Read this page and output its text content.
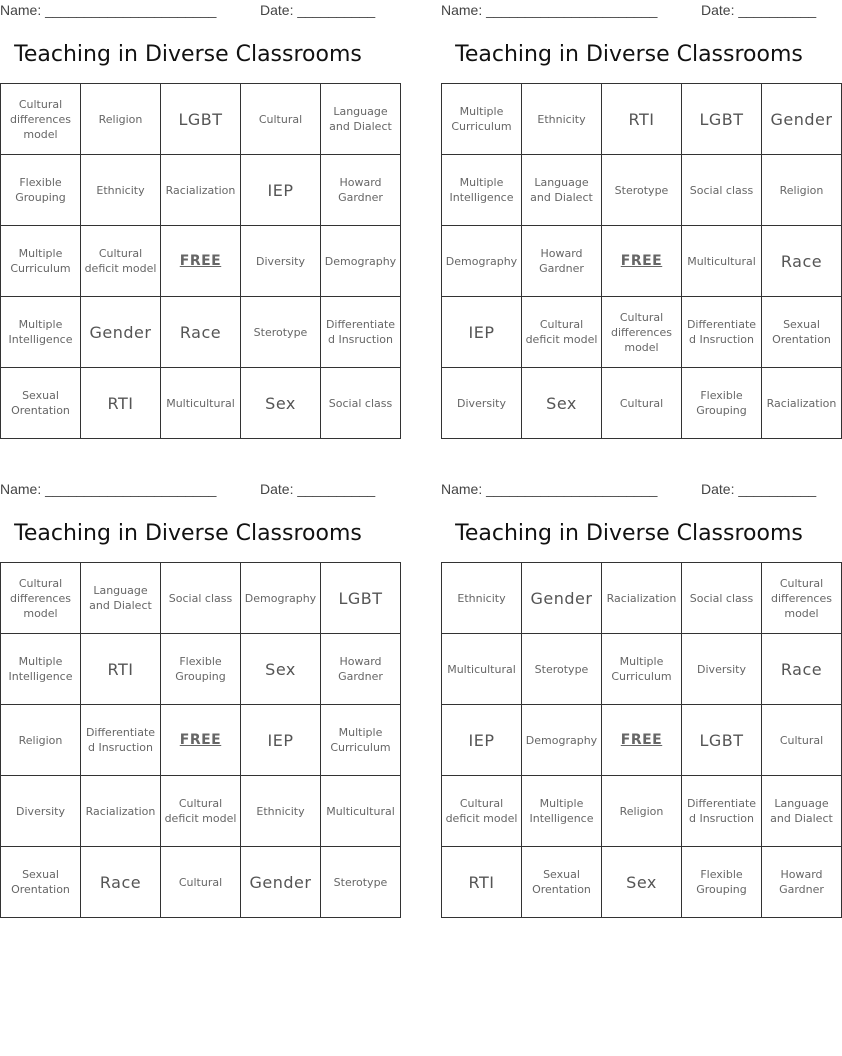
Name: ______________________	Date: __________
Teaching in Diverse Classrooms
Cultural differences model	Religion	LGBT	Cultural	Language and Dialect
Flexible Grouping	Ethnicity	Racialization	IEP	Howard Gardner
Multiple Curriculum	Cultural deficit model	FREE	Diversity	Demography
Multiple Intelligence	Gender	Race	Sterotype	Differentiated Insruction
Sexual Orentation	RTI	Multicultural	Sex	Social class
Name: ______________________	Date: __________
Teaching in Diverse Classrooms
Multiple Curriculum	Ethnicity	RTI	LGBT	Gender
Multiple Intelligence	Language and Dialect	Sterotype	Social class	Religion
Demography	Howard Gardner	FREE	Multicultural	Race
IEP	Cultural deficit model	Cultural differences model	Differentiated Insruction	Sexual Orentation
Diversity	Sex	Cultural	Flexible Grouping	Racialization
Name: ______________________	Date: __________
Teaching in Diverse Classrooms
Cultural differences model	Language and Dialect	Social class	Demography	LGBT
Multiple Intelligence	RTI	Flexible Grouping	Sex	Howard Gardner
Religion	Differentiated Insruction	FREE	IEP	Multiple Curriculum
Diversity	Racialization	Cultural deficit model	Ethnicity	Multicultural
Sexual Orentation	Race	Cultural	Gender	Sterotype
Name: ______________________	Date: __________
Teaching in Diverse Classrooms
Ethnicity	Gender	Racialization	Social class	Cultural differences model
Multicultural	Sterotype	Multiple Curriculum	Diversity	Race
IEP	Demography	FREE	LGBT	Cultural
Cultural deficit model	Multiple Intelligence	Religion	Differentiated Insruction	Language and Dialect
RTI	Sexual Orentation	Sex	Flexible Grouping	Howard Gardner
